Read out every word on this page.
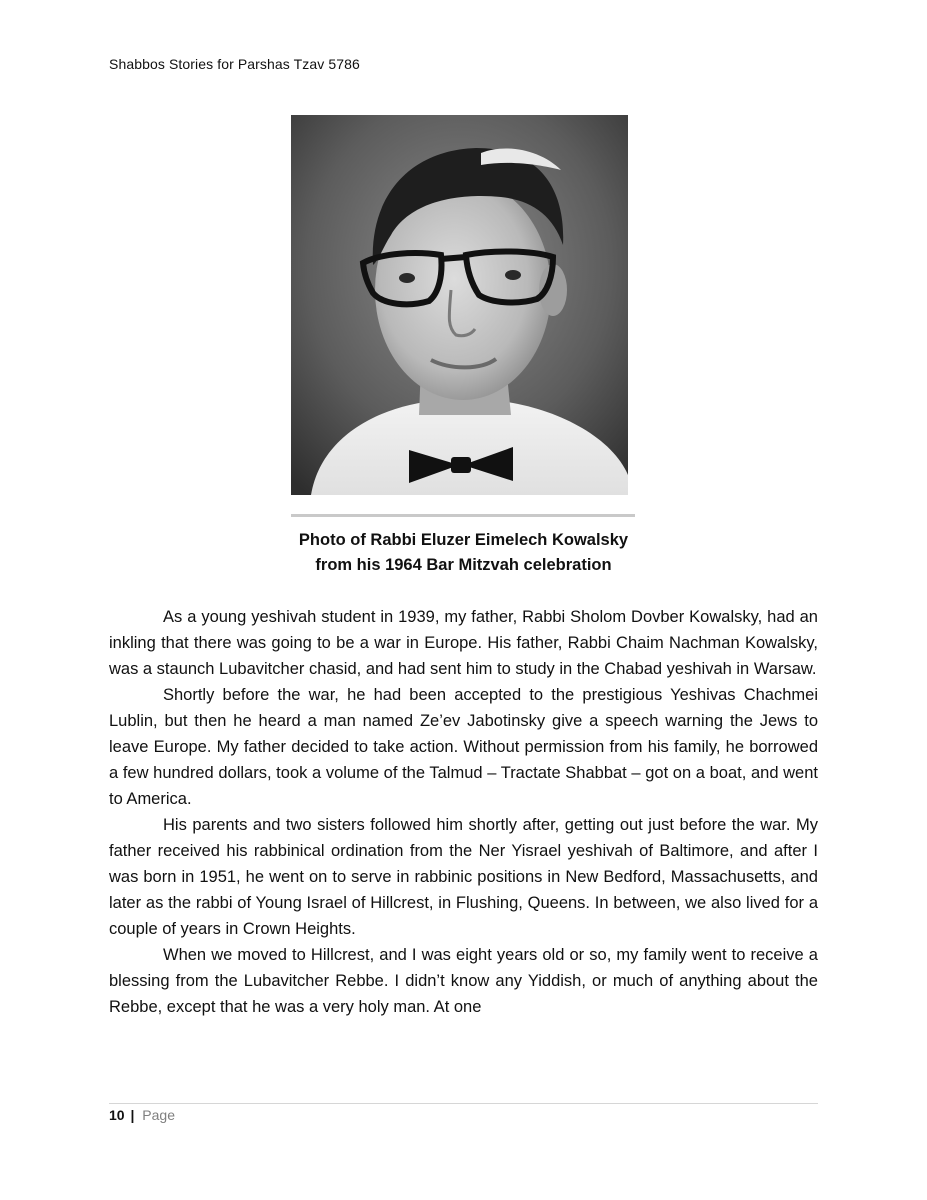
Shabbos Stories for Parshas Tzav 5786
Photo of Rabbi Eluzer Eimelech Kowalsky
from his 1964 Bar Mitzvah celebration

As a young yeshivah student in 1939, my father, Rabbi Sholom Dovber Kowalsky, had an inkling that there was going to be a war in Europe. His father, Rabbi Chaim Nachman Kowalsky, was a staunch Lubavitcher chasid, and had sent him to study in the Chabad yeshivah in Warsaw.

Shortly before the war, he had been accepted to the prestigious Yeshivas Chachmei Lublin, but then he heard a man named Ze’ev Jabotinsky give a speech warning the Jews to leave Europe. My father decided to take action. Without permission from his family, he borrowed a few hundred dollars, took a volume of the Talmud – Tractate Shabbat – got on a boat, and went to America.

His parents and two sisters followed him shortly after, getting out just before the war. My father received his rabbinical ordination from the Ner Yisrael yeshivah of Baltimore, and after I was born in 1951, he went on to serve in rabbinic positions in New Bedford, Massachusetts, and later as the rabbi of Young Israel of Hillcrest, in Flushing, Queens. In between, we also lived for a couple of years in Crown Heights.

When we moved to Hillcrest, and I was eight years old or so, my family went to receive a blessing from the Lubavitcher Rebbe. I didn’t know any Yiddish, or much of anything about the Rebbe, except that he was a very holy man. At one

10 | Page
